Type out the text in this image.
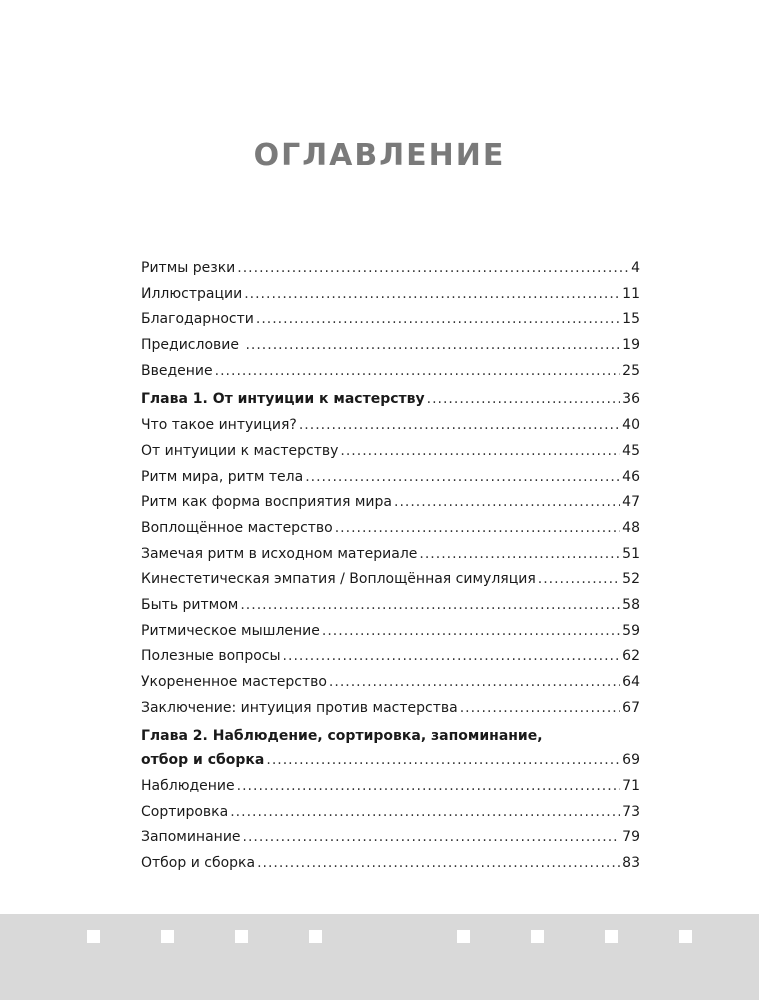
ОГЛАВЛЕНИЕ
Ритмы резки .....	4
Иллюстрации .....	11
Благодарности .....	15
Предисловие .....	19
Введение .....	25
Глава 1. От интуиции к мастерству .....	36
Что такое интуиция? .....	40
От интуиции к мастерству .....	45
Ритм мира, ритм тела .....	46
Ритм как форма восприятия мира .....	47
Воплощённое мастерство .....	48
Замечая ритм в исходном материале .....	51
Кинестетическая эмпатия / Воплощённая симуляция .....	52
Быть ритмом .....	58
Ритмическое мышление .....	59
Полезные вопросы .....	62
Укорененное мастерство .....	64
Заключение: интуиция против мастерства .....	67
Глава 2. Наблюдение, сортировка, запоминание,
отбор и сборка .....	69
Наблюдение .....	71
Сортировка .....	73
Запоминание .....	79
Отбор и сборка .....	83
